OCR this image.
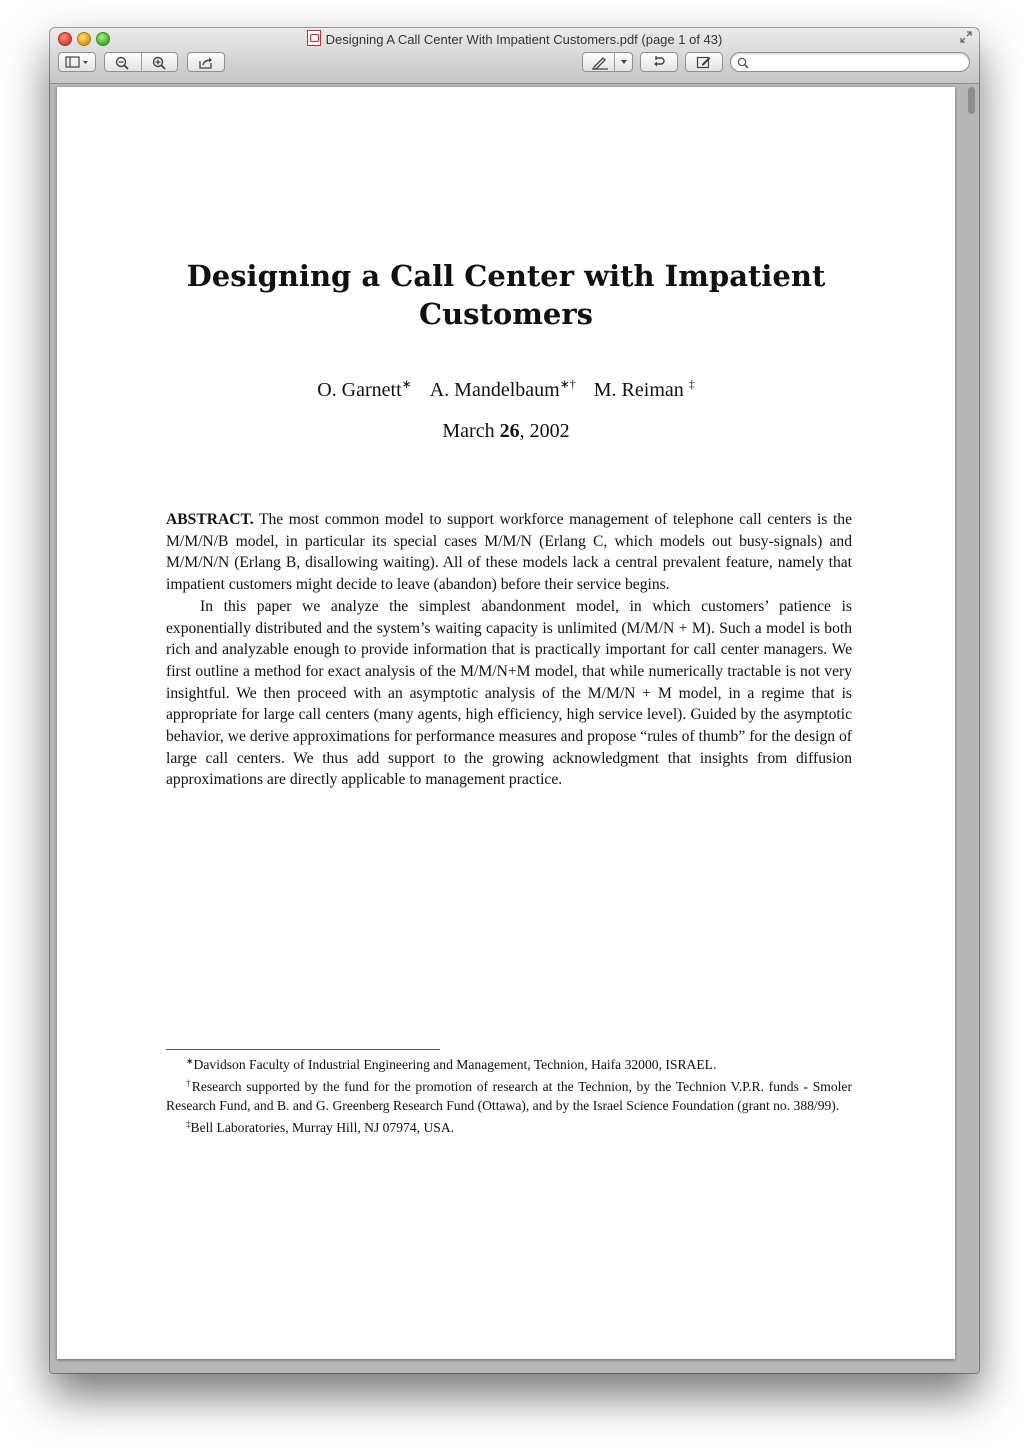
Designing A Call Center With Impatient Customers.pdf (page 1 of 43)
Designing a Call Center with Impatient
Customers
O. Garnett∗ A. Mandelbaum∗† M. Reiman ‡
March 26, 2002

ABSTRACT. The most common model to support workforce management of telephone call centers is the M/M/N/B model, in particular its special cases M/M/N (Erlang C, which models out busy-signals) and M/M/N/N (Erlang B, disallowing waiting). All of these models lack a central prevalent feature, namely that impatient customers might decide to leave (abandon) before their service begins.

In this paper we analyze the simplest abandonment model, in which customers’ patience is exponentially distributed and the system’s waiting capacity is unlimited (M/M/N + M). Such a model is both rich and analyzable enough to provide information that is practically important for call center managers. We first outline a method for exact analysis of the M/M/N+M model, that while numerically tractable is not very insightful. We then proceed with an asymptotic analysis of the M/M/N + M model, in a regime that is appropriate for large call centers (many agents, high efficiency, high service level). Guided by the asymptotic behavior, we derive approximations for performance measures and propose “rules of thumb” for the design of large call centers. We thus add support to the growing acknowledgment that insights from diffusion approximations are directly applicable to management practice.

∗Davidson Faculty of Industrial Engineering and Management, Technion, Haifa 32000, ISRAEL.

†Research supported by the fund for the promotion of research at the Technion, by the Technion V.P.R. funds - Smoler Research Fund, and B. and G. Greenberg Research Fund (Ottawa), and by the Israel Science Foundation (grant no. 388/99).

‡Bell Laboratories, Murray Hill, NJ 07974, USA.
